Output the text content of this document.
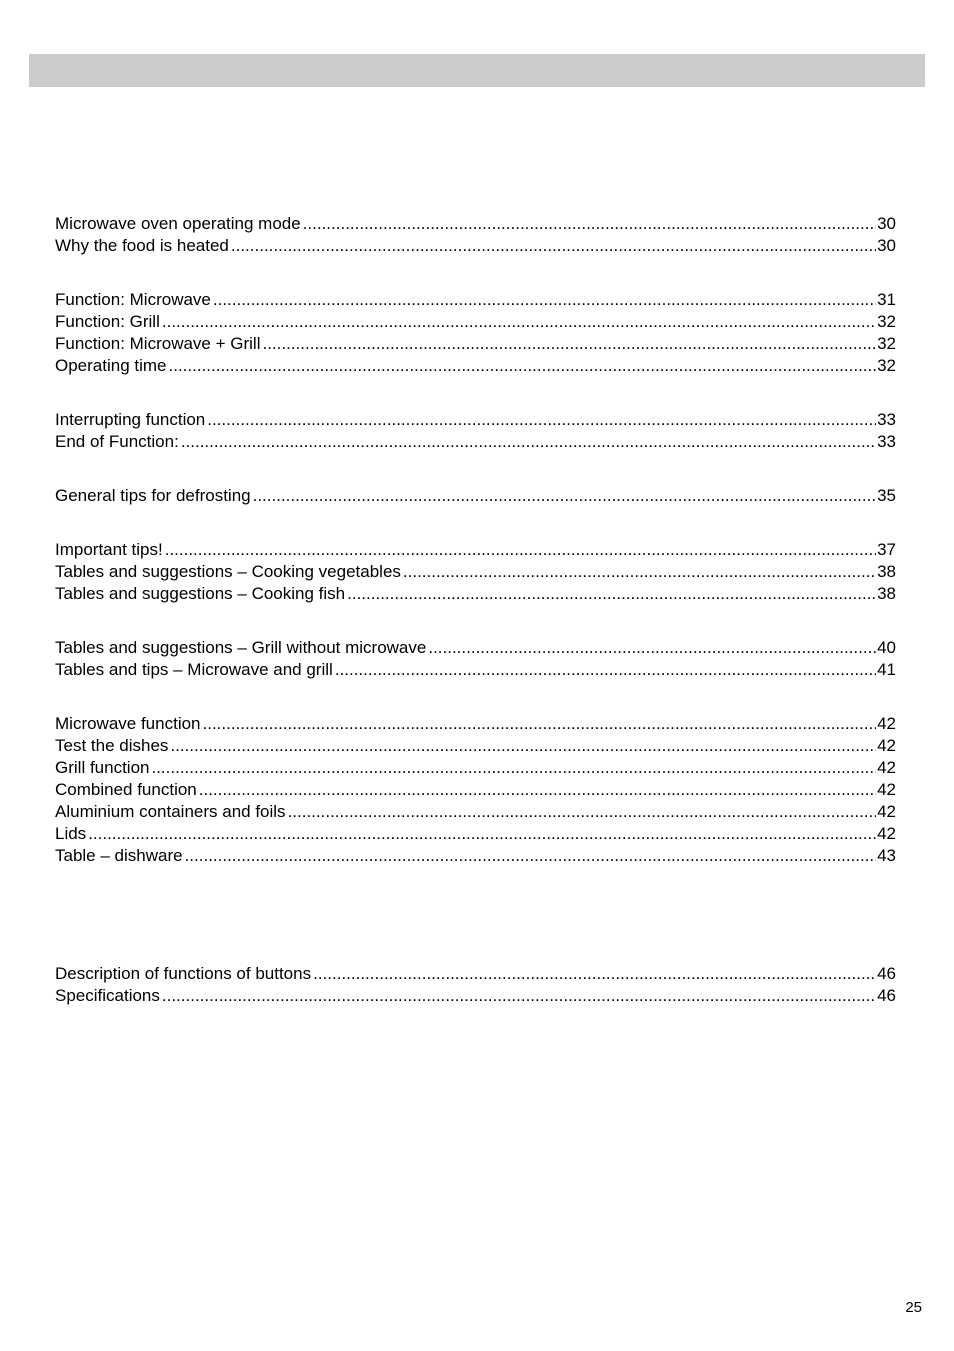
Microwave oven operating mode .....	30
Why the food is heated .....	30
Function: Microwave .....	31
Function: Grill .....	32
Function: Microwave + Grill .....	32
Operating time .....	32
Interrupting function .....	33
End of Function: .....	33
General tips for defrosting .....	35
Important tips! .....	37
Tables and suggestions – Cooking vegetables .....	38
Tables and suggestions – Cooking fish .....	38
Tables and suggestions – Grill without microwave .....	40
Tables and tips – Microwave and grill .....	41
Microwave function .....	42
Test the dishes .....	42
Grill function .....	42
Combined function .....	42
Aluminium containers and foils .....	42
Lids .....	42
Table – dishware .....	43
Description of functions of buttons .....	46
Specifications .....	46
25
